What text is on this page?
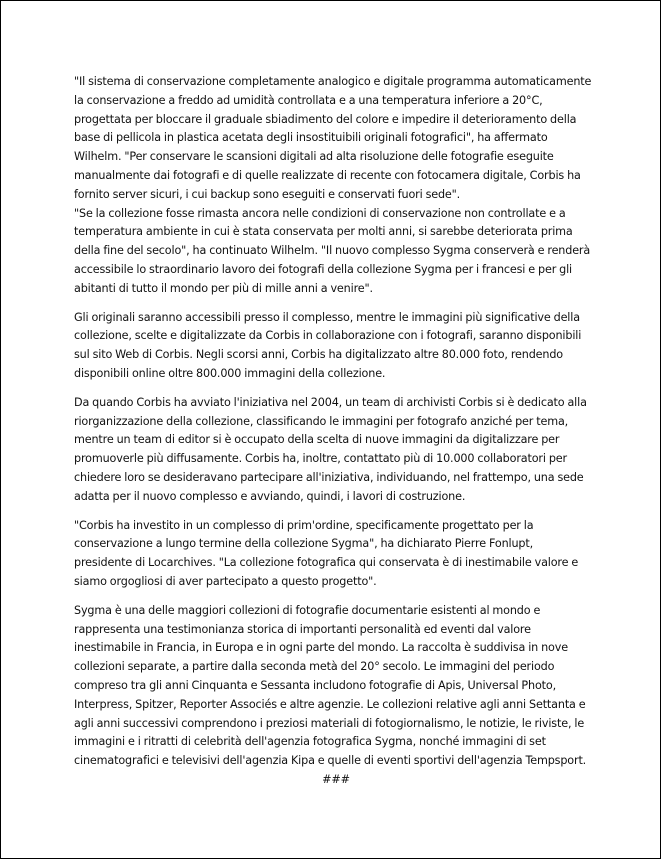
"Il sistema di conservazione completamente analogico e digitale programma automaticamente la conservazione a freddo ad umidità controllata e a una temperatura inferiore a 20°C, progettata per bloccare il graduale sbiadimento del colore e impedire il deterioramento della base di pellicola in plastica acetata degli insostituibili originali fotografici", ha affermato Wilhelm. "Per conservare le scansioni digitali ad alta risoluzione delle fotografie eseguite manualmente dai fotografi e di quelle realizzate di recente con fotocamera digitale, Corbis ha fornito server sicuri, i cui backup sono eseguiti e conservati fuori sede".

"Se la collezione fosse rimasta ancora nelle condizioni di conservazione non controllate e a temperatura ambiente in cui è stata conservata per molti anni, si sarebbe deteriorata prima della fine del secolo", ha continuato Wilhelm. "Il nuovo complesso Sygma conserverà e renderà accessibile lo straordinario lavoro dei fotografi della collezione Sygma per i francesi e per gli abitanti di tutto il mondo per più di mille anni a venire".

Gli originali saranno accessibili presso il complesso, mentre le immagini più significative della collezione, scelte e digitalizzate da Corbis in collaborazione con i fotografi, saranno disponibili sul sito Web di Corbis. Negli scorsi anni, Corbis ha digitalizzato altre 80.000 foto, rendendo disponibili online oltre 800.000 immagini della collezione.

Da quando Corbis ha avviato l'iniziativa nel 2004, un team di archivisti Corbis si è dedicato alla riorganizzazione della collezione, classificando le immagini per fotografo anziché per tema, mentre un team di editor si è occupato della scelta di nuove immagini da digitalizzare per promuoverle più diffusamente. Corbis ha, inoltre, contattato più di 10.000 collaboratori per chiedere loro se desideravano partecipare all'iniziativa, individuando, nel frattempo, una sede adatta per il nuovo complesso e avviando, quindi, i lavori di costruzione.

"Corbis ha investito in un complesso di prim'ordine, specificamente progettato per la conservazione a lungo termine della collezione Sygma", ha dichiarato Pierre Fonlupt, presidente di Locarchives. "La collezione fotografica qui conservata è di inestimabile valore e siamo orgogliosi di aver partecipato a questo progetto".

Sygma è una delle maggiori collezioni di fotografie documentarie esistenti al mondo e rappresenta una testimonianza storica di importanti personalità ed eventi dal valore inestimabile in Francia, in Europa e in ogni parte del mondo. La raccolta è suddivisa in nove collezioni separate, a partire dalla seconda metà del 20° secolo. Le immagini del periodo compreso tra gli anni Cinquanta e Sessanta includono fotografie di Apis, Universal Photo, Interpress, Spitzer, Reporter Associés e altre agenzie. Le collezioni relative agli anni Settanta e agli anni successivi comprendono i preziosi materiali di fotogiornalismo, le notizie, le riviste, le immagini e i ritratti di celebrità dell'agenzia fotografica Sygma, nonché immagini di set cinematografici e televisivi dell'agenzia Kipa e quelle di eventi sportivi dell'agenzia Tempsport.

###
